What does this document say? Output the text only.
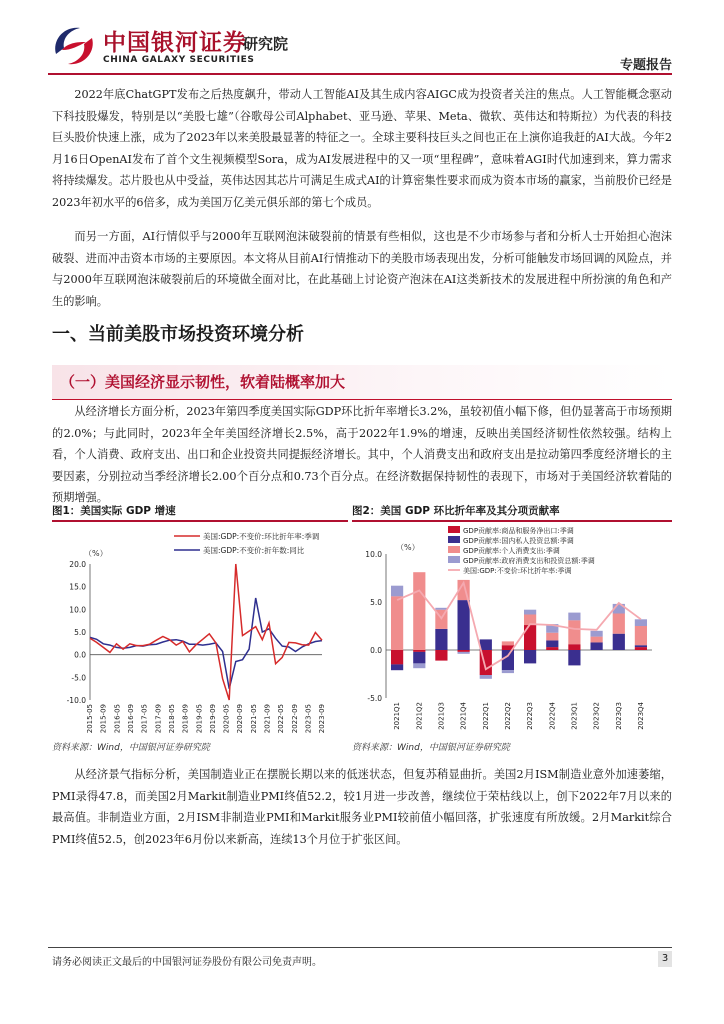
中国银河证券
研究院
CHINA GALAXY SECURITIES	专题报告

2022年底ChatGPT发布之后热度飙升，带动人工智能AI及其生成内容AIGC成为投资者关注的焦点。人工智能概念驱动下科技股爆发，特别是以“美股七雄”（谷歌母公司Alphabet、亚马逊、苹果、Meta、微软、英伟达和特斯拉）为代表的科技巨头股价快速上涨，成为了2023年以来美股最显著的特征之一。全球主要科技巨头之间也正在上演你追我赶的AI大战。今年2月16日OpenAI发布了首个文生视频模型Sora，成为AI发展进程中的又一项“里程碑”，意味着AGI时代加速到来，算力需求将持续爆发。芯片股也从中受益，英伟达因其芯片可满足生成式AI的计算密集性要求而成为资本市场的赢家，当前股价已经是2023年初水平的6倍多，成为美国万亿美元俱乐部的第七个成员。

而另一方面，AI行情似乎与2000年互联网泡沫破裂前的情景有些相似，这也是不少市场参与者和分析人士开始担心泡沫破裂、进而冲击资本市场的主要原因。本文将从目前AI行情推动下的美股市场表现出发，分析可能触发市场回调的风险点，并与2000年互联网泡沫破裂前后的环境做全面对比，在此基础上讨论资产泡沫在AI这类新技术的发展进程中所扮演的角色和产生的影响。

一、当前美股市场投资环境分析
（一）美国经济显示韧性，软着陆概率加大

从经济增长方面分析，2023年第四季度美国实际GDP环比折年率增长3.2%，虽较初值小幅下修，但仍显著高于市场预期的2.0%；与此同时，2023年全年美国经济增长2.5%，高于2022年1.9%的增速，反映出美国经济韧性依然较强。结构上看，个人消费、政府支出、出口和企业投资共同提振经济增长。其中，个人消费支出和政府支出是拉动第四季度经济增长的主要因素，分别拉动当季经济增长2.00个百分点和0.73个百分点。在经济数据保持韧性的表现下，市场对于美国经济软着陆的预期增强。

图1：美国实际 GDP 增速
（%）
美国:GDP:不变价:环比折年率:季调
美国:GDP:不变价:折年数:同比
20.0
15.0
10.0
5.0
0.0
-5.0
-10.0
2015-05 2015-09 2016-05 2016-09 2017-05 2017-09 2018-05 2018-09 2019-05 2019-09 2020-05 2020-09 2021-05 2021-09 2022-05 2022-09 2023-05 2023-09
资料来源：Wind，中国银河证券研究院
图2：美国 GDP 环比折年率及其分项贡献率
（%）
GDP贡献率:商品和服务净出口:季调
GDP贡献率:国内私人投资总额:季调
GDP贡献率:个人消费支出:季调
GDP贡献率:政府消费支出和投资总额:季调
美国:GDP:不变价:环比折年率:季调
10.0
5.0
0.0
-5.0
2021Q1 2021Q2 2021Q3 2021Q4 2022Q1 2022Q2 2022Q3 2022Q4 2023Q1 2023Q2 2023Q3 2023Q4
资料来源：Wind，中国银河证券研究院

从经济景气指标分析，美国制造业正在摆脱长期以来的低迷状态，但复苏稍显曲折。美国2月ISM制造业意外加速萎缩，PMI录得47.8，而美国2月Markit制造业PMI终值52.2，较1月进一步改善，继续位于荣枯线以上，创下2022年7月以来的最高值。非制造业方面，2月ISM非制造业PMI和Markit服务业PMI较前值小幅回落，扩张速度有所放缓。2月Markit综合PMI终值52.5，创2023年6月份以来新高，连续13个月位于扩张区间。

请务必阅读正文最后的中国银河证券股份有限公司免责声明。	3
